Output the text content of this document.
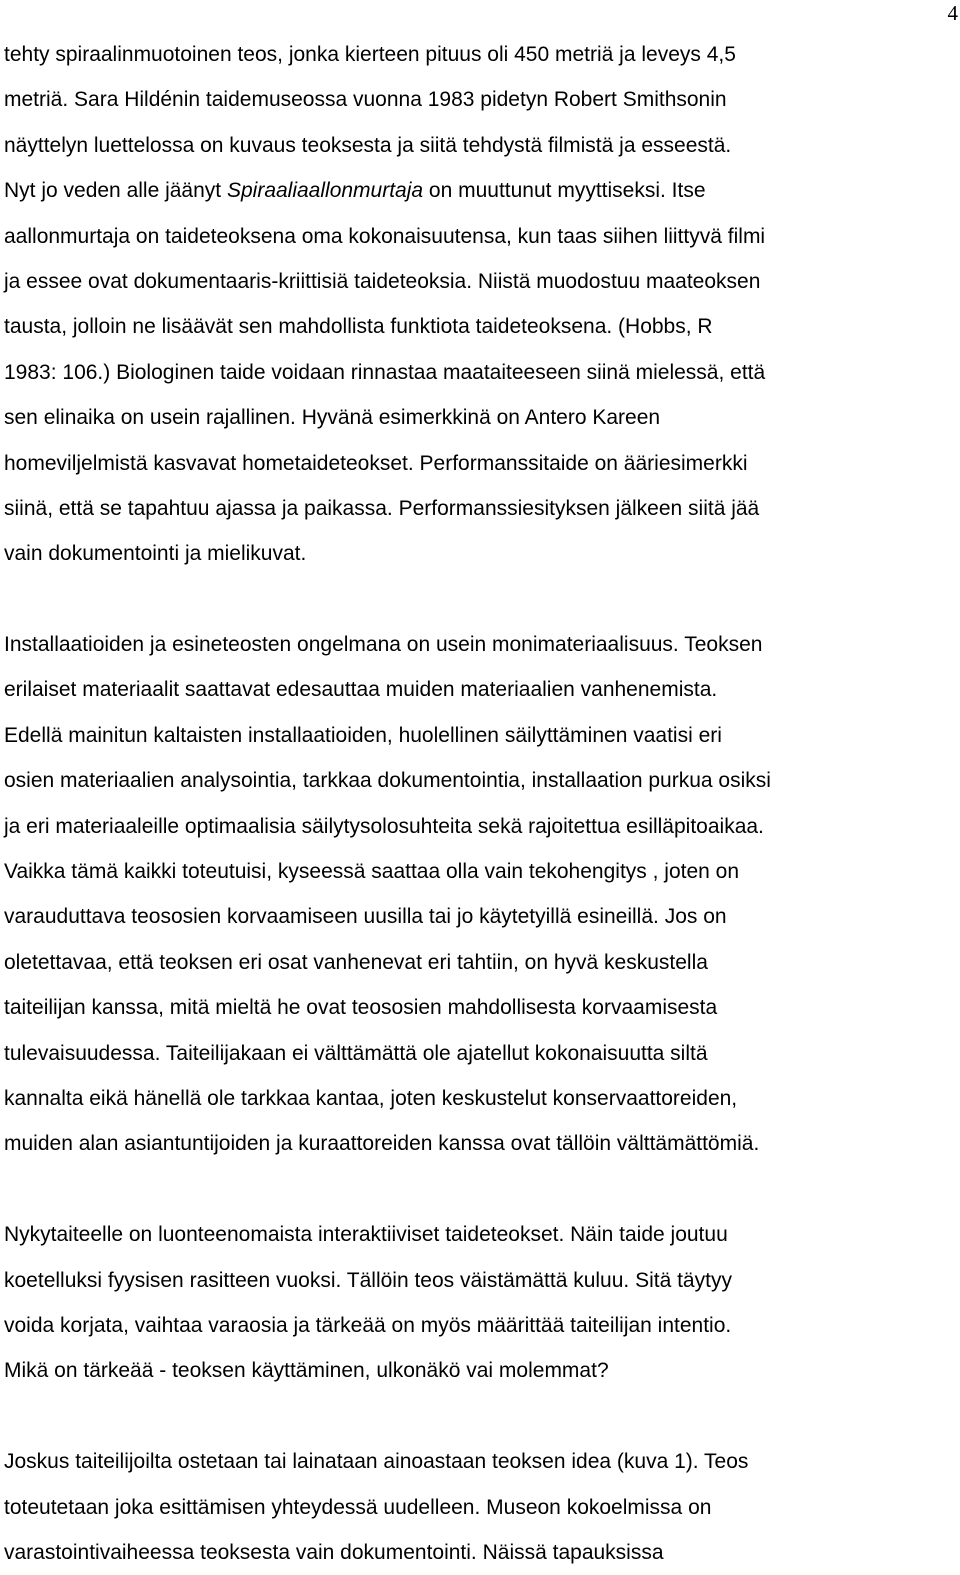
4
tehty spiraalinmuotoinen teos, jonka kierteen pituus oli 450 metriä ja leveys 4,5
metriä. Sara Hildénin taidemuseossa vuonna 1983 pidetyn Robert Smithsonin
näyttelyn luettelossa on kuvaus teoksesta ja siitä tehdystä filmistä ja esseestä.
Nyt jo veden alle jäänyt Spiraaliaallonmurtaja on muuttunut myyttiseksi. Itse
aallonmurtaja on taideteoksena oma kokonaisuutensa, kun taas siihen liittyvä filmi
ja essee ovat dokumentaaris-kriittisiä taideteoksia. Niistä muodostuu maateoksen
tausta, jolloin ne lisäävät sen mahdollista funktiota taideteoksena. (Hobbs, R
1983: 106.) Biologinen taide voidaan rinnastaa maataiteeseen siinä mielessä, että
sen elinaika on usein rajallinen. Hyvänä esimerkkinä on Antero Kareen
homeviljelmistä kasvavat hometaideteokset. Performanssitaide on ääriesimerkki
siinä, että se tapahtuu ajassa ja paikassa. Performanssiesityksen jälkeen siitä jää
vain dokumentointi ja mielikuvat.
Installaatioiden ja esineteosten ongelmana on usein monimateriaalisuus. Teoksen
erilaiset materiaalit saattavat edesauttaa muiden materiaalien vanhenemista.
Edellä mainitun kaltaisten installaatioiden, huolellinen säilyttäminen vaatisi eri
osien materiaalien analysointia, tarkkaa dokumentointia, installaation purkua osiksi
ja eri materiaaleille optimaalisia säilytysolosuhteita sekä rajoitettua esilläpitoaikaa.
Vaikka tämä kaikki toteutuisi, kyseessä saattaa olla vain tekohengitys , joten on
varauduttava teososien korvaamiseen uusilla tai jo käytetyillä esineillä. Jos on
oletettavaa, että teoksen eri osat vanhenevat eri tahtiin, on hyvä keskustella
taiteilijan kanssa, mitä mieltä he ovat teososien mahdollisesta korvaamisesta
tulevaisuudessa. Taiteilijakaan ei välttämättä ole ajatellut kokonaisuutta siltä
kannalta eikä hänellä ole tarkkaa kantaa, joten keskustelut konservaattoreiden,
muiden alan asiantuntijoiden ja kuraattoreiden kanssa ovat tällöin välttämättömiä.
Nykytaiteelle on luonteenomaista interaktiiviset taideteokset. Näin taide joutuu
koetelluksi fyysisen rasitteen vuoksi. Tällöin teos väistämättä kuluu. Sitä täytyy
voida korjata, vaihtaa varaosia ja tärkeää on myös määrittää taiteilijan intentio.
Mikä on tärkeää - teoksen käyttäminen, ulkonäkö vai molemmat?
Joskus taiteilijoilta ostetaan tai lainataan ainoastaan teoksen idea (kuva 1). Teos
toteutetaan joka esittämisen yhteydessä uudelleen. Museon kokoelmissa on
varastointivaiheessa teoksesta vain dokumentointi. Näissä tapauksissa
